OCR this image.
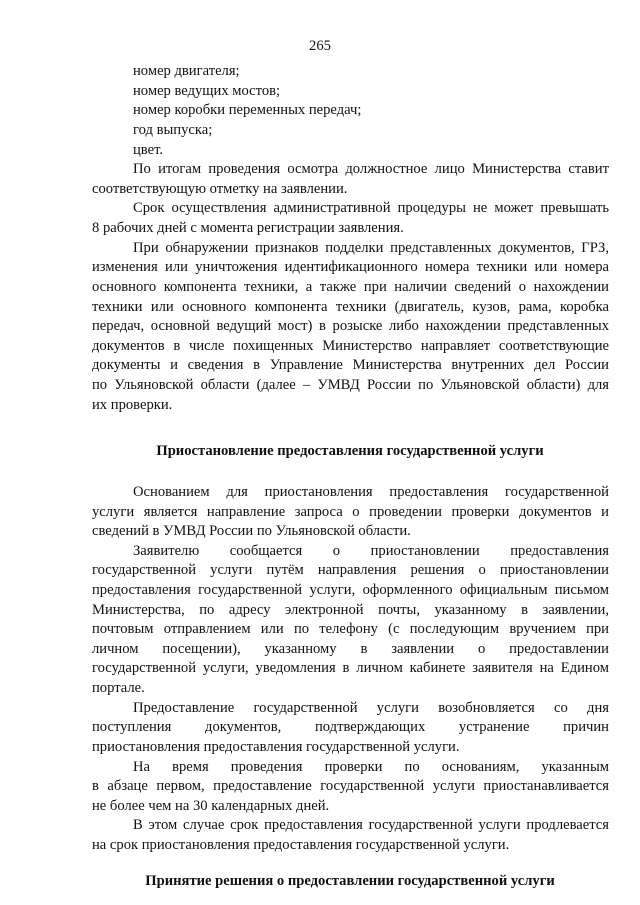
265
номер двигателя;
номер ведущих мостов;
номер коробки переменных передач;
год выпуска;
цвет.
По итогам проведения осмотра должностное лицо Министерства ставит
соответствующую отметку на заявлении.
Срок осуществления административной процедуры не может превышать
8 рабочих дней с момента регистрации заявления.
При обнаружении признаков подделки представленных документов, ГРЗ,
изменения или уничтожения идентификационного номера техники или номера
основного компонента техники, а также при наличии сведений о нахождении
техники или основного компонента техники (двигатель, кузов, рама, коробка
передач, основной ведущий мост) в розыске либо нахождении представленных
документов в числе похищенных Министерство направляет соответствующие
документы и сведения в Управление Министерства внутренних дел России
по Ульяновской области (далее – УМВД России по Ульяновской области) для
их проверки.
Приостановление предоставления государственной услуги
Основанием для приостановления предоставления государственной
услуги является направление запроса о проведении проверки документов и
сведений в УМВД России по Ульяновской области.
Заявителю сообщается о приостановлении предоставления
государственной услуги путём направления решения о приостановлении
предоставления государственной услуги, оформленного официальным письмом
Министерства, по адресу электронной почты, указанному в заявлении,
почтовым отправлением или по телефону (с последующим вручением при
личном посещении), указанному в заявлении о предоставлении
государственной услуги, уведомления в личном кабинете заявителя на Едином
портале.
Предоставление государственной услуги возобновляется со дня
поступления документов, подтверждающих устранение причин
приостановления предоставления государственной услуги.
На время проведения проверки по основаниям, указанным
в абзаце первом, предоставление государственной услуги приостанавливается
не более чем на 30 календарных дней.
В этом случае срок предоставления государственной услуги продлевается
на срок приостановления предоставления государственной услуги.
Принятие решения о предоставлении государственной услуги
